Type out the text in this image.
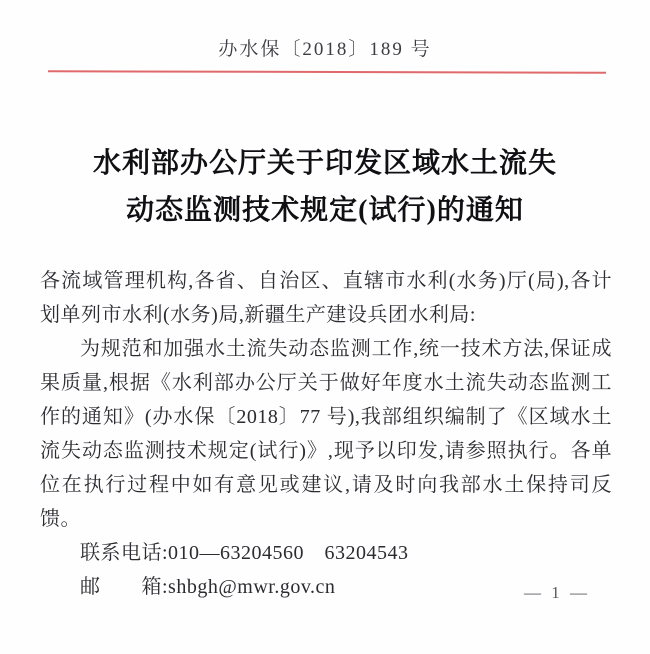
办水保〔2018〕189 号
水利部办公厅关于印发区域水土流失
动态监测技术规定(试行)的通知

各流域管理机构,各省、自治区、直辖市水利(水务)厅(局),各计划单列市水利(水务)局,新疆生产建设兵团水利局:

为规范和加强水土流失动态监测工作,统一技术方法,保证成果质量,根据《水利部办公厅关于做好年度水土流失动态监测工作的通知》(办水保〔2018〕77 号),我部组织编制了《区域水土流失动态监测技术规定(试行)》,现予以印发,请参照执行。各单位在执行过程中如有意见或建议,请及时向我部水土保持司反馈。

联系电话:010—63204560　63204543

邮　　箱:shbgh@mwr.gov.cn	— 1 —
